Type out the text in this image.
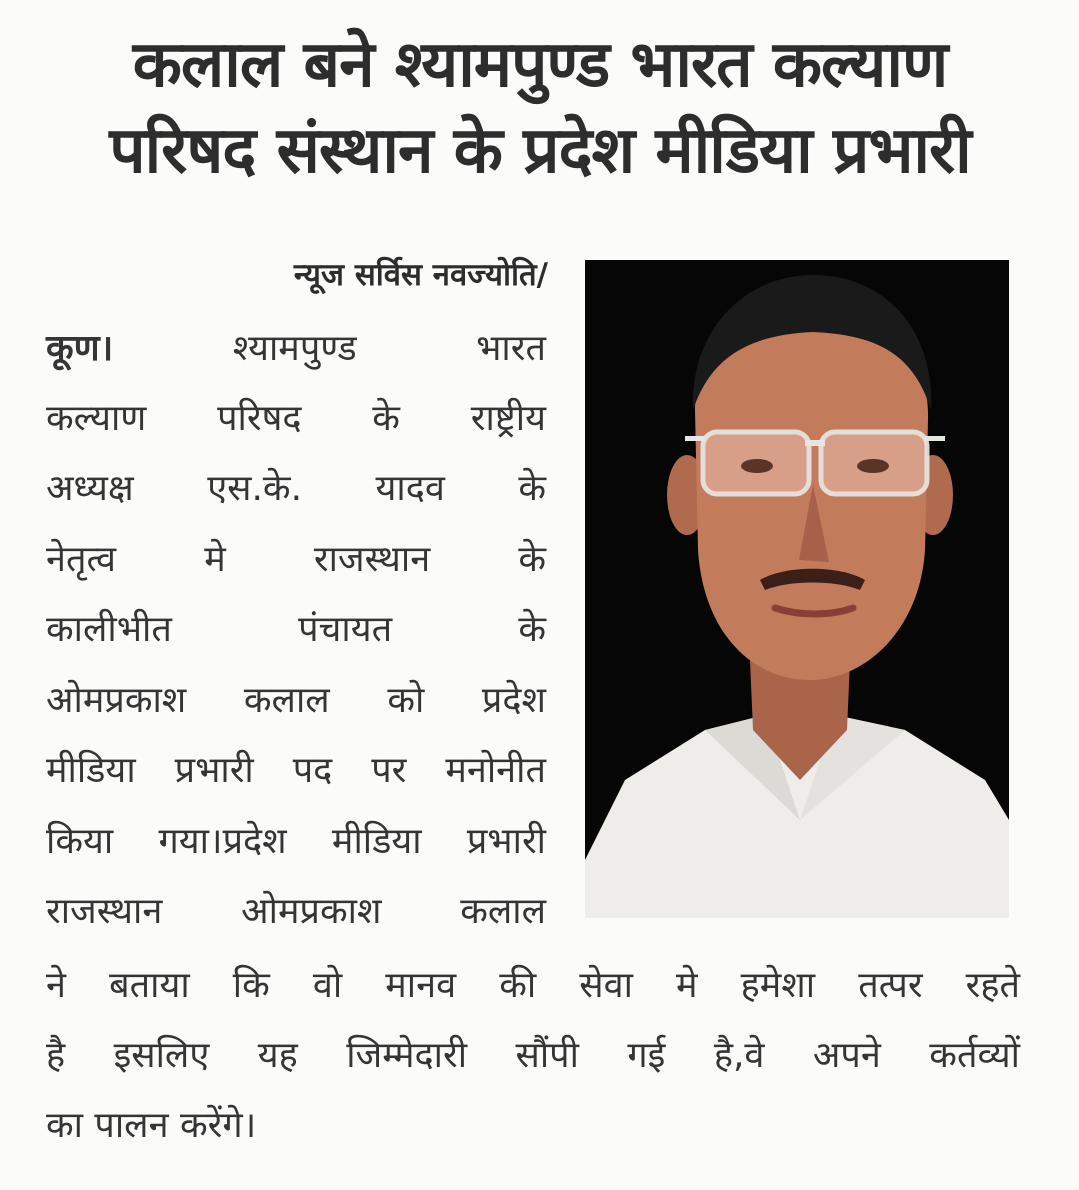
कलाल बने श्यामपुण्ड भारत कल्याण
परिषद संस्थान के प्रदेश मीडिया प्रभारी
न्यूज सर्विस नवज्योति/
कूण।	श्यामपुण्ड भारत
कल्याण परिषद के राष्ट्रीय
अध्यक्ष एस.के. यादव के
नेतृत्व मे राजस्थान के
कालीभीत पंचायत के
ओमप्रकाश कलाल को प्रदेश
मीडिया प्रभारी पद पर मनोनीत
किया गया।प्रदेश मीडिया प्रभारी
राजस्थान ओमप्रकाश कलाल
ने बताया कि वो मानव की सेवा मे हमेशा तत्पर रहते
है इसलिए यह जिम्मेदारी सौंपी गई है,वे अपने कर्तव्यों
का पालन करेंगे।
